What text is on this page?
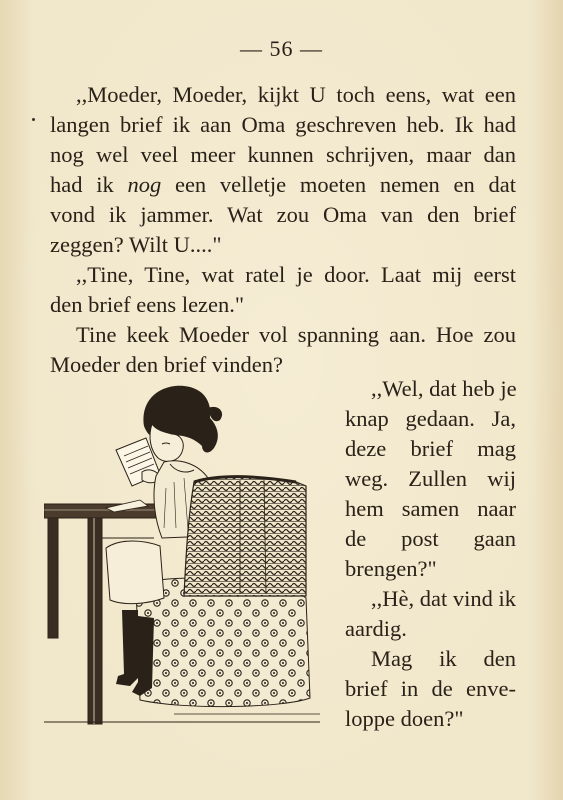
— 56 —
,,Moeder, Moeder, kijkt U toch eens, wat een
langen brief ik aan Oma geschreven heb. Ik had
nog wel veel meer kunnen schrijven, maar dan
had ik nog een velletje moeten nemen en dat
vond ik jammer. Wat zou Oma van den brief
zeggen? Wilt U...."
,,Tine, Tine, wat ratel je door. Laat mij eerst
den brief eens lezen."
Tine keek Moeder vol spanning aan. Hoe zou
Moeder den brief vinden?
,,Wel, dat heb je
knap gedaan. Ja,
deze brief mag
weg. Zullen wij
hem samen naar
de post gaan
brengen?"
,,Hè, dat vind ik
aardig.
Mag ik den
brief in de enve-
loppe doen?"
